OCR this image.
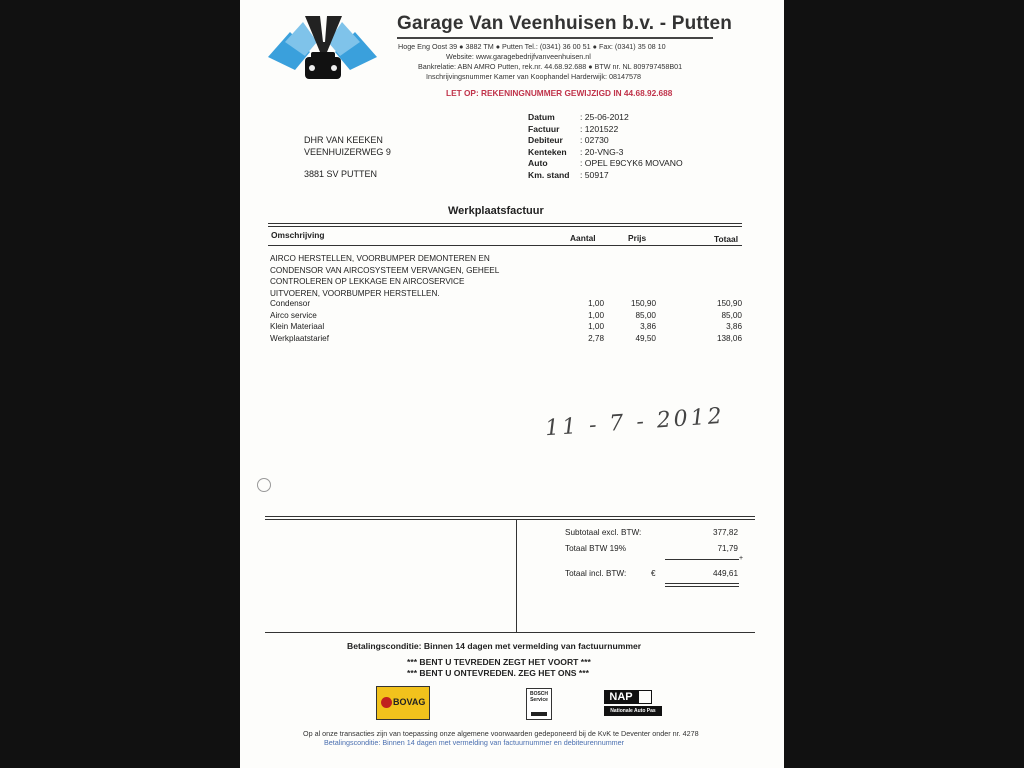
Garage Van Veenhuisen b.v. - Putten
Hoge Eng Oost 39 ● 3882 TM ● Putten Tel.: (0341) 36 00 51 ● Fax: (0341) 35 08 10
Website: www.garagebedrijfvanveenhuisen.nl
Bankrelatie: ABN AMRO Putten, rek.nr. 44.68.92.688 ● BTW nr. NL 809797458B01
Inschrijvingsnummer Kamer van Koophandel Harderwijk: 08147578
LET OP: REKENINGNUMMER GEWIJZIGD IN 44.68.92.688
DHR VAN KEEKEN
VEENHUIZERWEG 9
3881 SV PUTTEN
Datum	: 25-06-2012
Factuur	: 1201522
Debiteur	: 02730
Kenteken	: 20-VNG-3
Auto	: OPEL E9CYK6 MOVANO
Km. stand	: 50917
Werkplaatsfactuur
Omschrijving	Aantal	Prijs	Totaal
AIRCO HERSTELLEN, VOORBUMPER DEMONTEREN EN
CONDENSOR VAN AIRCOSYSTEEM VERVANGEN, GEHEEL
CONTROLEREN OP LEKKAGE EN AIRCOSERVICE
UITVOEREN, VOORBUMPER HERSTELLEN.
Condensor	1,00	150,90	150,90
Airco service	1,00	85,00	85,00
Klein Materiaal	1,00	3,86	3,86
Werkplaatstarief	2,78	49,50	138,06
11 - 7 - 2012
Subtotaal excl. BTW:	377,82
Totaal BTW 19%	71,79
+
Totaal incl. BTW:	€	449,61
Betalingsconditie: Binnen 14 dagen met vermelding van factuurnummer
*** BENT U TEVREDEN ZEGT HET VOORT ***
*** BENT U ONTEVREDEN. ZEG HET ONS ***
BOVAG
BOSCH Service	NAP
Nationale Auto Pas
Op al onze transacties zijn van toepassing onze algemene voorwaarden gedeponeerd bij de KvK te Deventer onder nr. 4278
Betalingsconditie: Binnen 14 dagen met vermelding van factuurnummer en debiteurennummer
